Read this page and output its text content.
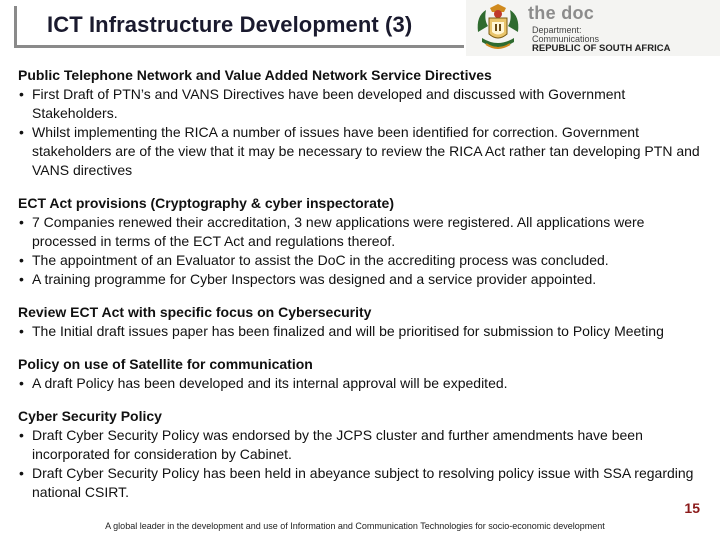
ICT Infrastructure Development (3)	the doc
Department:
Communications
REPUBLIC OF SOUTH AFRICA
Public Telephone Network and Value Added Network Service Directives
• First Draft of PTN’s and VANS Directives have been developed and discussed with Government Stakeholders.
• Whilst implementing the RICA a number of issues have been identified for correction. Government stakeholders are of the view that it may be necessary to review the RICA Act rather tan developing PTN and VANS directives
ECT Act provisions (Cryptography & cyber inspectorate)
• 7 Companies renewed their accreditation, 3 new applications were registered. All applications were processed in terms of the ECT Act and regulations thereof.
• The appointment of an Evaluator to assist the DoC in the accrediting process was concluded.
• A training programme for Cyber Inspectors was designed and a service provider appointed.
Review ECT Act with specific focus on Cybersecurity
• The Initial draft issues paper has been finalized and will be prioritised for submission to Policy Meeting
Policy on use of Satellite for communication
• A draft Policy has been developed and its internal approval will be expedited.
Cyber Security Policy
• Draft Cyber Security Policy was endorsed by the JCPS cluster and further amendments have been incorporated for consideration by Cabinet.
• Draft Cyber Security Policy has been held in abeyance subject to resolving policy issue with SSA regarding national CSIRT.
15
A global leader in the development and use of Information and Communication Technologies for socio-economic development
